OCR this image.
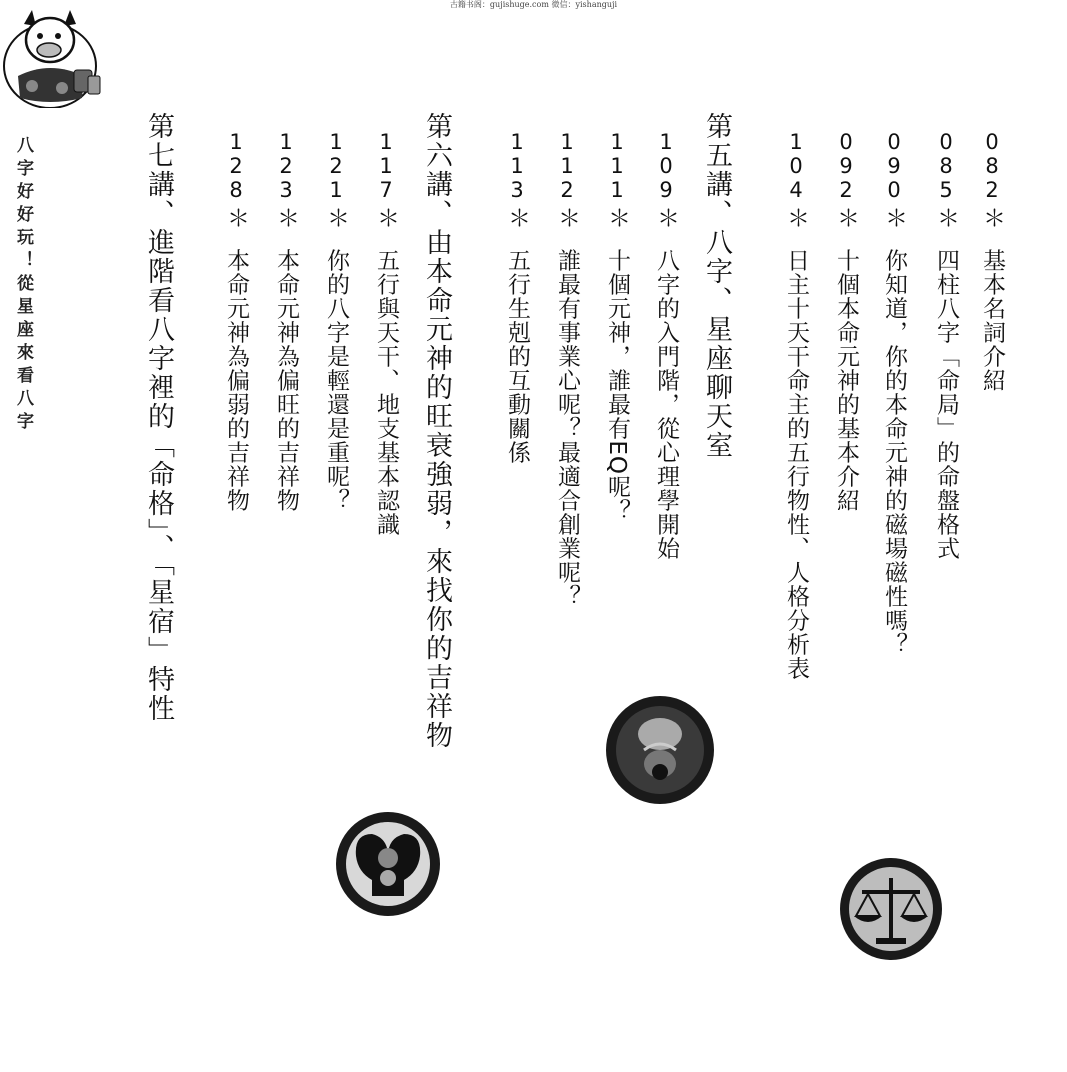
古籍书阁：gujishuge.com 微信：yishanguji
八字好好玩！從星座來看八字	082＊ 基本名詞介紹
085＊ 四柱八字「命局」的命盤格式
090＊ 你知道，你的本命元神的磁場磁性嗎？
092＊ 十個本命元神的基本介紹
104＊ 日主十天干命主的五行物性、人格分析表
第五講、八字、星座聊天室
109＊ 八字的入門階，從心理學開始
111＊ 十個元神，誰最有EQ呢？
112＊ 誰最有事業心呢？最適合創業呢？
113＊ 五行生剋的互動關係
第六講、由本命元神的旺衰強弱，來找你的吉祥物
117＊ 五行與天干、地支基本認識
121＊ 你的八字是輕還是重呢？
123＊ 本命元神為偏旺的吉祥物
128＊ 本命元神為偏弱的吉祥物
第七講、進階看八字裡的「命格」、「星宿」特性
